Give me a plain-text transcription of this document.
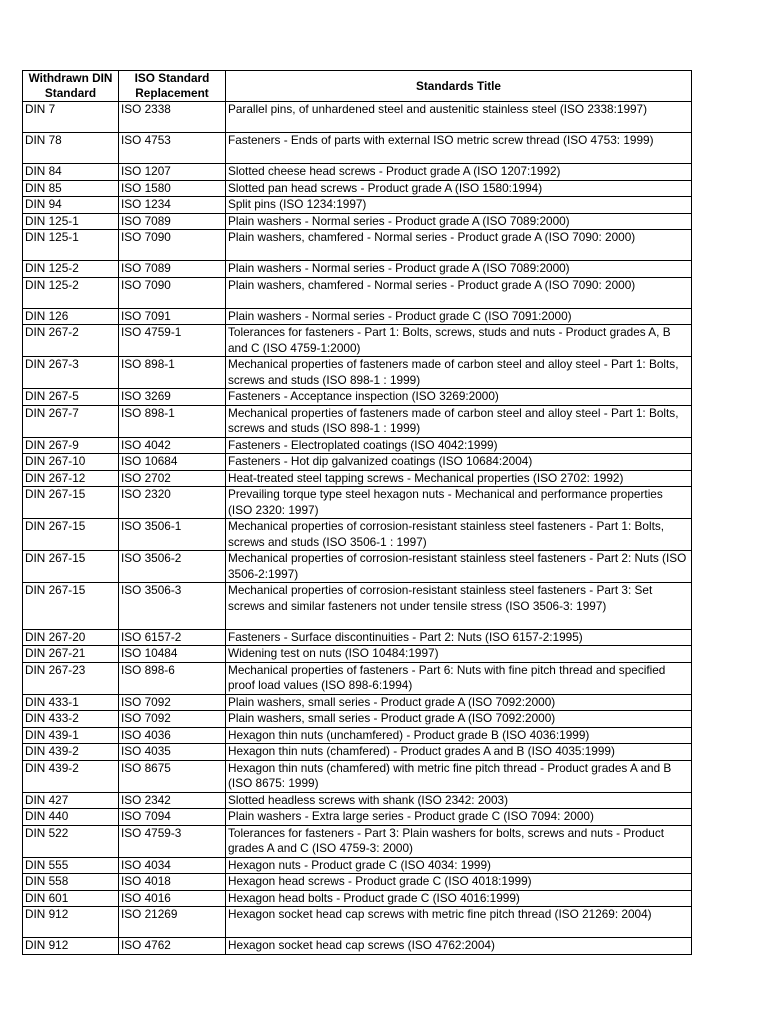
Withdrawn DIN Standard	ISO Standard Replacement	Standards Title
DIN 7	ISO 2338	Parallel pins, of unhardened steel and austenitic stainless steel (ISO 2338:1997)
DIN 78	ISO 4753	Fasteners - Ends of parts with external ISO metric screw thread (ISO 4753: 1999)
DIN 84	ISO 1207	Slotted cheese head screws - Product grade A (ISO 1207:1992)
DIN 85	ISO 1580	Slotted pan head screws - Product grade A (ISO 1580:1994)
DIN 94	ISO 1234	Split pins (ISO 1234:1997)
DIN 125-1	ISO 7089	Plain washers - Normal series - Product grade A (ISO 7089:2000)
DIN 125-1	ISO 7090	Plain washers, chamfered - Normal series - Product grade A (ISO 7090: 2000)
DIN 125-2	ISO 7089	Plain washers - Normal series - Product grade A (ISO 7089:2000)
DIN 125-2	ISO 7090	Plain washers, chamfered - Normal series - Product grade A (ISO 7090: 2000)
DIN 126	ISO 7091	Plain washers - Normal series - Product grade C (ISO 7091:2000)
DIN 267-2	ISO 4759-1	Tolerances for fasteners - Part 1: Bolts, screws, studs and nuts - Product grades A, B and C (ISO 4759-1:2000)
DIN 267-3	ISO 898-1	Mechanical properties of fasteners made of carbon steel and alloy steel - Part 1: Bolts, screws and studs (ISO 898-1 : 1999)
DIN 267-5	ISO 3269	Fasteners - Acceptance inspection (ISO 3269:2000)
DIN 267-7	ISO 898-1	Mechanical properties of fasteners made of carbon steel and alloy steel - Part 1: Bolts, screws and studs (ISO 898-1 : 1999)
DIN 267-9	ISO 4042	Fasteners - Electroplated coatings (ISO 4042:1999)
DIN 267-10	ISO 10684	Fasteners - Hot dip galvanized coatings (ISO 10684:2004)
DIN 267-12	ISO 2702	Heat-treated steel tapping screws - Mechanical properties (ISO 2702: 1992)
DIN 267-15	ISO 2320	Prevailing torque type steel hexagon nuts - Mechanical and performance properties (ISO 2320: 1997)
DIN 267-15	ISO 3506-1	Mechanical properties of corrosion-resistant stainless steel fasteners - Part 1: Bolts, screws and studs (ISO 3506-1 : 1997)
DIN 267-15	ISO 3506-2	Mechanical properties of corrosion-resistant stainless steel fasteners - Part 2: Nuts (ISO 3506-2:1997)
DIN 267-15	ISO 3506-3	Mechanical properties of corrosion-resistant stainless steel fasteners - Part 3: Set screws and similar fasteners not under tensile stress (ISO 3506-3: 1997)
DIN 267-20	ISO 6157-2	Fasteners - Surface discontinuities - Part 2: Nuts (ISO 6157-2:1995)
DIN 267-21	ISO 10484	Widening test on nuts (ISO 10484:1997)
DIN 267-23	ISO 898-6	Mechanical properties of fasteners - Part 6: Nuts with fine pitch thread and specified proof load values (ISO 898-6:1994)
DIN 433-1	ISO 7092	Plain washers, small series - Product grade A (ISO 7092:2000)
DIN 433-2	ISO 7092	Plain washers, small series - Product grade A (ISO 7092:2000)
DIN 439-1	ISO 4036	Hexagon thin nuts (unchamfered) - Product grade B (ISO 4036:1999)
DIN 439-2	ISO 4035	Hexagon thin nuts (chamfered) - Product grades A and B (ISO 4035:1999)
DIN 439-2	ISO 8675	Hexagon thin nuts (chamfered) with metric fine pitch thread - Product grades A and B (ISO 8675: 1999)
DIN 427	ISO 2342	Slotted headless screws with shank (ISO 2342: 2003)
DIN 440	ISO 7094	Plain washers - Extra large series - Product grade C (ISO 7094: 2000)
DIN 522	ISO 4759-3	Tolerances for fasteners - Part 3: Plain washers for bolts, screws and nuts - Product grades A and C (ISO 4759-3: 2000)
DIN 555	ISO 4034	Hexagon nuts - Product grade C (ISO 4034: 1999)
DIN 558	ISO 4018	Hexagon head screws - Product grade C (ISO 4018:1999)
DIN 601	ISO 4016	Hexagon head bolts - Product grade C (ISO 4016:1999)
DIN 912	ISO 21269	Hexagon socket head cap screws with metric fine pitch thread (ISO 21269: 2004)
DIN 912	ISO 4762	Hexagon socket head cap screws (ISO 4762:2004)
